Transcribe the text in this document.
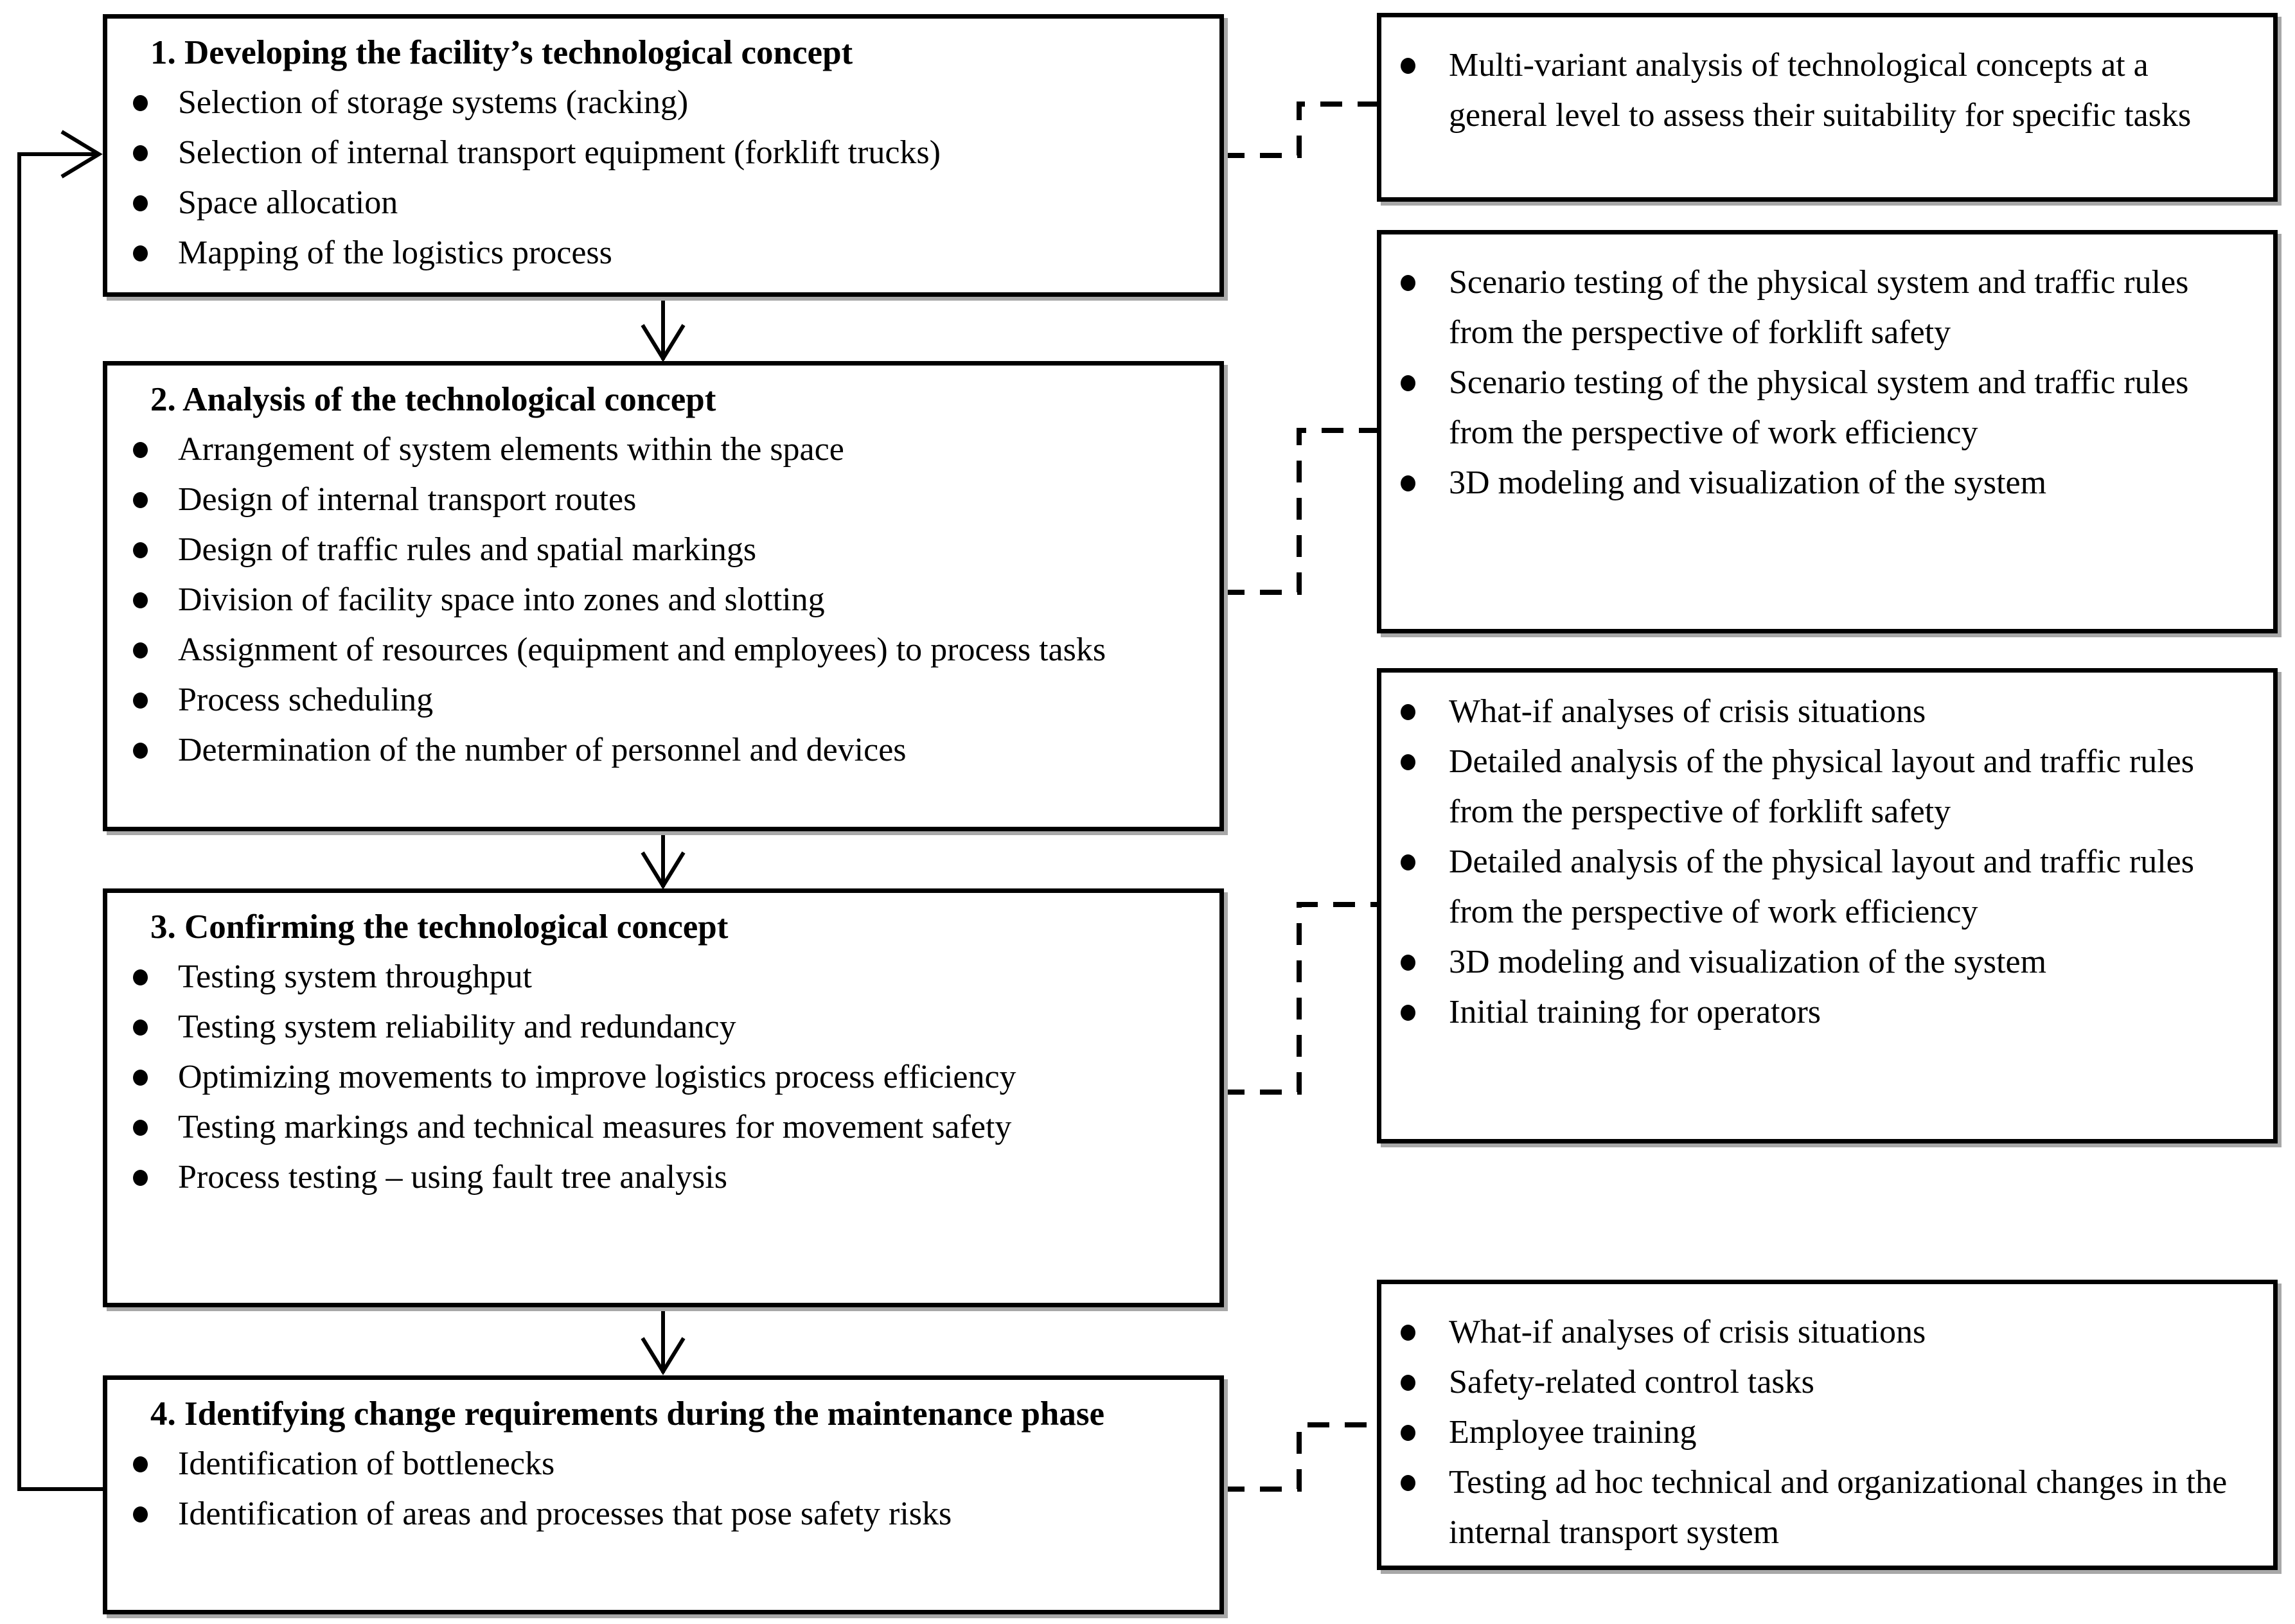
1. Developing the facility’s technological concept
Selection of storage systems (racking)
Selection of internal transport equipment (forklift trucks)
Space allocation
Mapping of the logistics process
2. Analysis of the technological concept
Arrangement of system elements within the space
Design of internal transport routes
Design of traffic rules and spatial markings
Division of facility space into zones and slotting
Assignment of resources (equipment and employees) to process tasks
Process scheduling
Determination of the number of personnel and devices
3. Confirming the technological concept
Testing system throughput
Testing system reliability and redundancy
Optimizing movements to improve logistics process efficiency
Testing markings and technical measures for movement safety
Process testing – using fault tree analysis
4. Identifying change requirements during the maintenance phase
Identification of bottlenecks
Identification of areas and processes that pose safety risks
Multi-variant analysis of technological concepts at a general level to assess their suitability for specific tasks
Scenario testing of the physical system and traffic rules from the perspective of forklift safety
Scenario testing of the physical system and traffic rules from the perspective of work efficiency
3D modeling and visualization of the system
What-if analyses of crisis situations
Detailed analysis of the physical layout and traffic rules from the perspective of forklift safety
Detailed analysis of the physical layout and traffic rules from the perspective of work efficiency
3D modeling and visualization of the system
Initial training for operators
What-if analyses of crisis situations
Safety-related control tasks
Employee training
Testing ad hoc technical and organizational changes in the internal transport system
